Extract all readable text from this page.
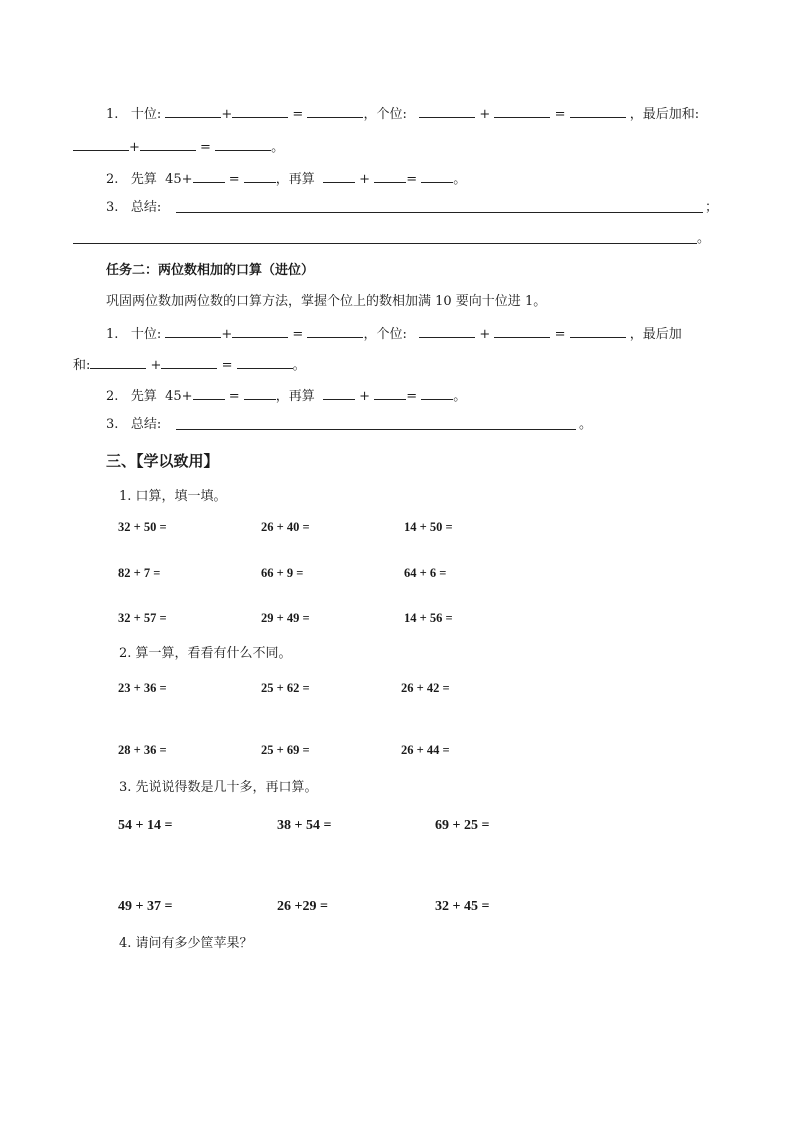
1. 十位:	+	=	，个位:	+	=	，最后加和:
+	=	。
2. 先算 45+	=	，再算	+	=	。
3. 总结:	；
。
任务二：两位数相加的口算（进位）
巩固两位数加两位数的口算方法，掌握个位上的数相加满 10 要向十位进 1。
1. 十位:	+	=	，个位:	+	=	，最后加
和:	+	=	。
2. 先算 45+	=	，再算	+	=	。
3. 总结:	。
三、【学以致用】
1. 口算，填一填。
32 + 50 =	26 + 40 =	14 + 50 =
82 + 7 =	66 + 9 =	64 + 6 =
32 + 57 =	29 + 49 =	14 + 56 =
2. 算一算，看看有什么不同。
23 + 36 =	25 + 62 =	26 + 42 =
28 + 36 =	25 + 69 =	26 + 44 =
3. 先说说得数是几十多，再口算。
54 + 14 =	38 + 54 =	69 + 25 =
49 + 37 =	26 +29 =	32 + 45 =
4. 请问有多少筐苹果？
